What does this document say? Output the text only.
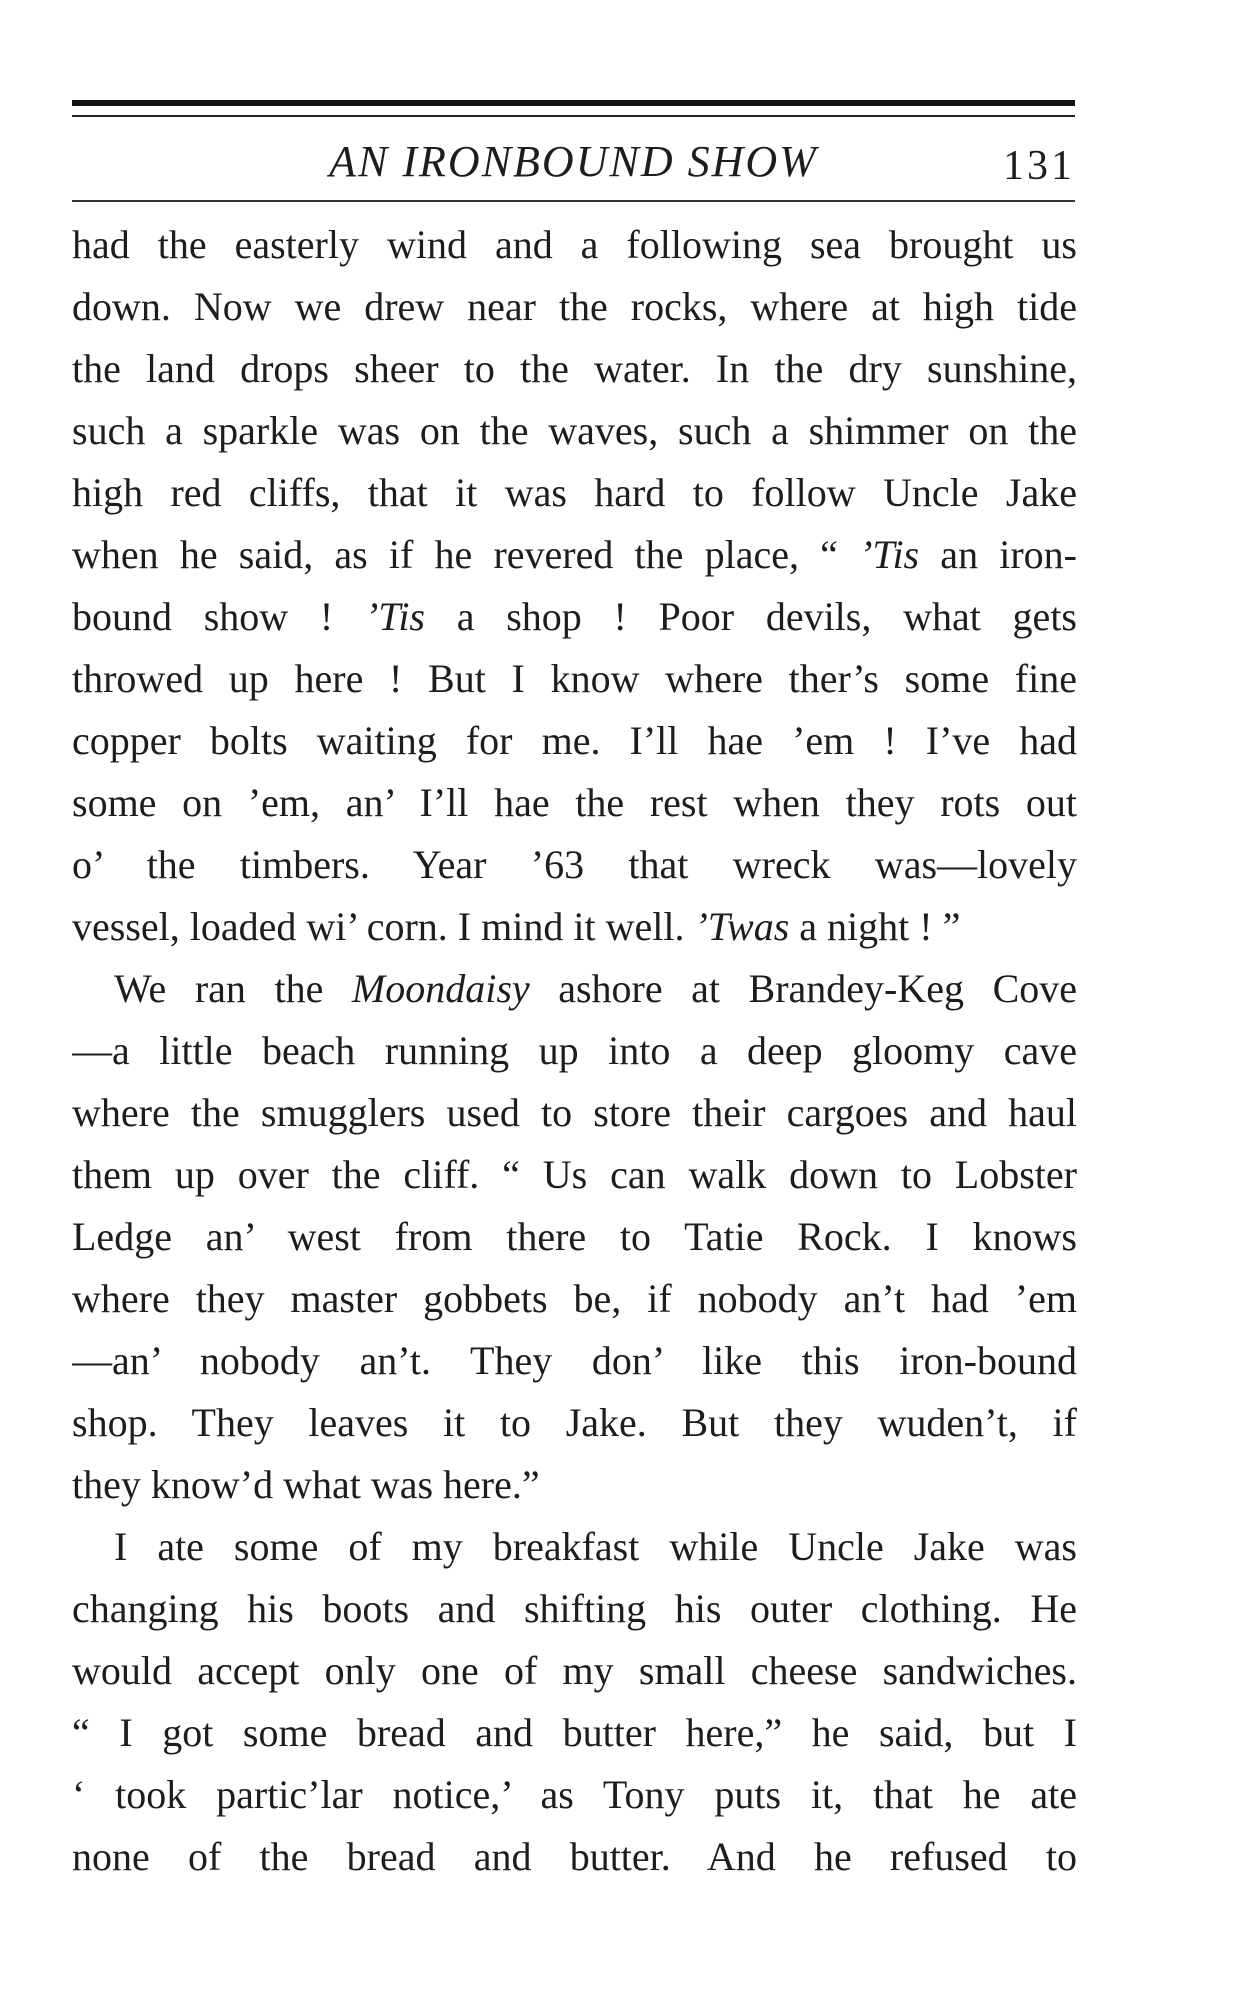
AN IRONBOUND SHOW	131
had the easterly wind and a following sea brought us
down. Now we drew near the rocks, where at high tide
the land drops sheer to the water. In the dry sunshine,
such a sparkle was on the waves, such a shimmer on the
high red cliffs, that it was hard to follow Uncle Jake
when he said, as if he revered the place, “ ’Tis an iron-
bound show ! ’Tis a shop ! Poor devils, what gets
throwed up here ! But I know where ther’s some fine
copper bolts waiting for me. I’ll hae ’em ! I’ve had
some on ’em, an’ I’ll hae the rest when they rots out
o’ the timbers. Year ’63 that wreck was—lovely
vessel, loaded wi’ corn. I mind it well. ’Twas a night ! ”
We ran the Moondaisy ashore at Brandey-Keg Cove
—a little beach running up into a deep gloomy cave
where the smugglers used to store their cargoes and haul
them up over the cliff. “ Us can walk down to Lobster
Ledge an’ west from there to Tatie Rock. I knows
where they master gobbets be, if nobody an’t had ’em
—an’ nobody an’t. They don’ like this iron-bound
shop. They leaves it to Jake. But they wuden’t, if
they know’d what was here.”
I ate some of my breakfast while Uncle Jake was
changing his boots and shifting his outer clothing. He
would accept only one of my small cheese sandwiches.
“ I got some bread and butter here,” he said, but I
‘ took partic’lar notice,’ as Tony puts it, that he ate
none of the bread and butter. And he refused to
